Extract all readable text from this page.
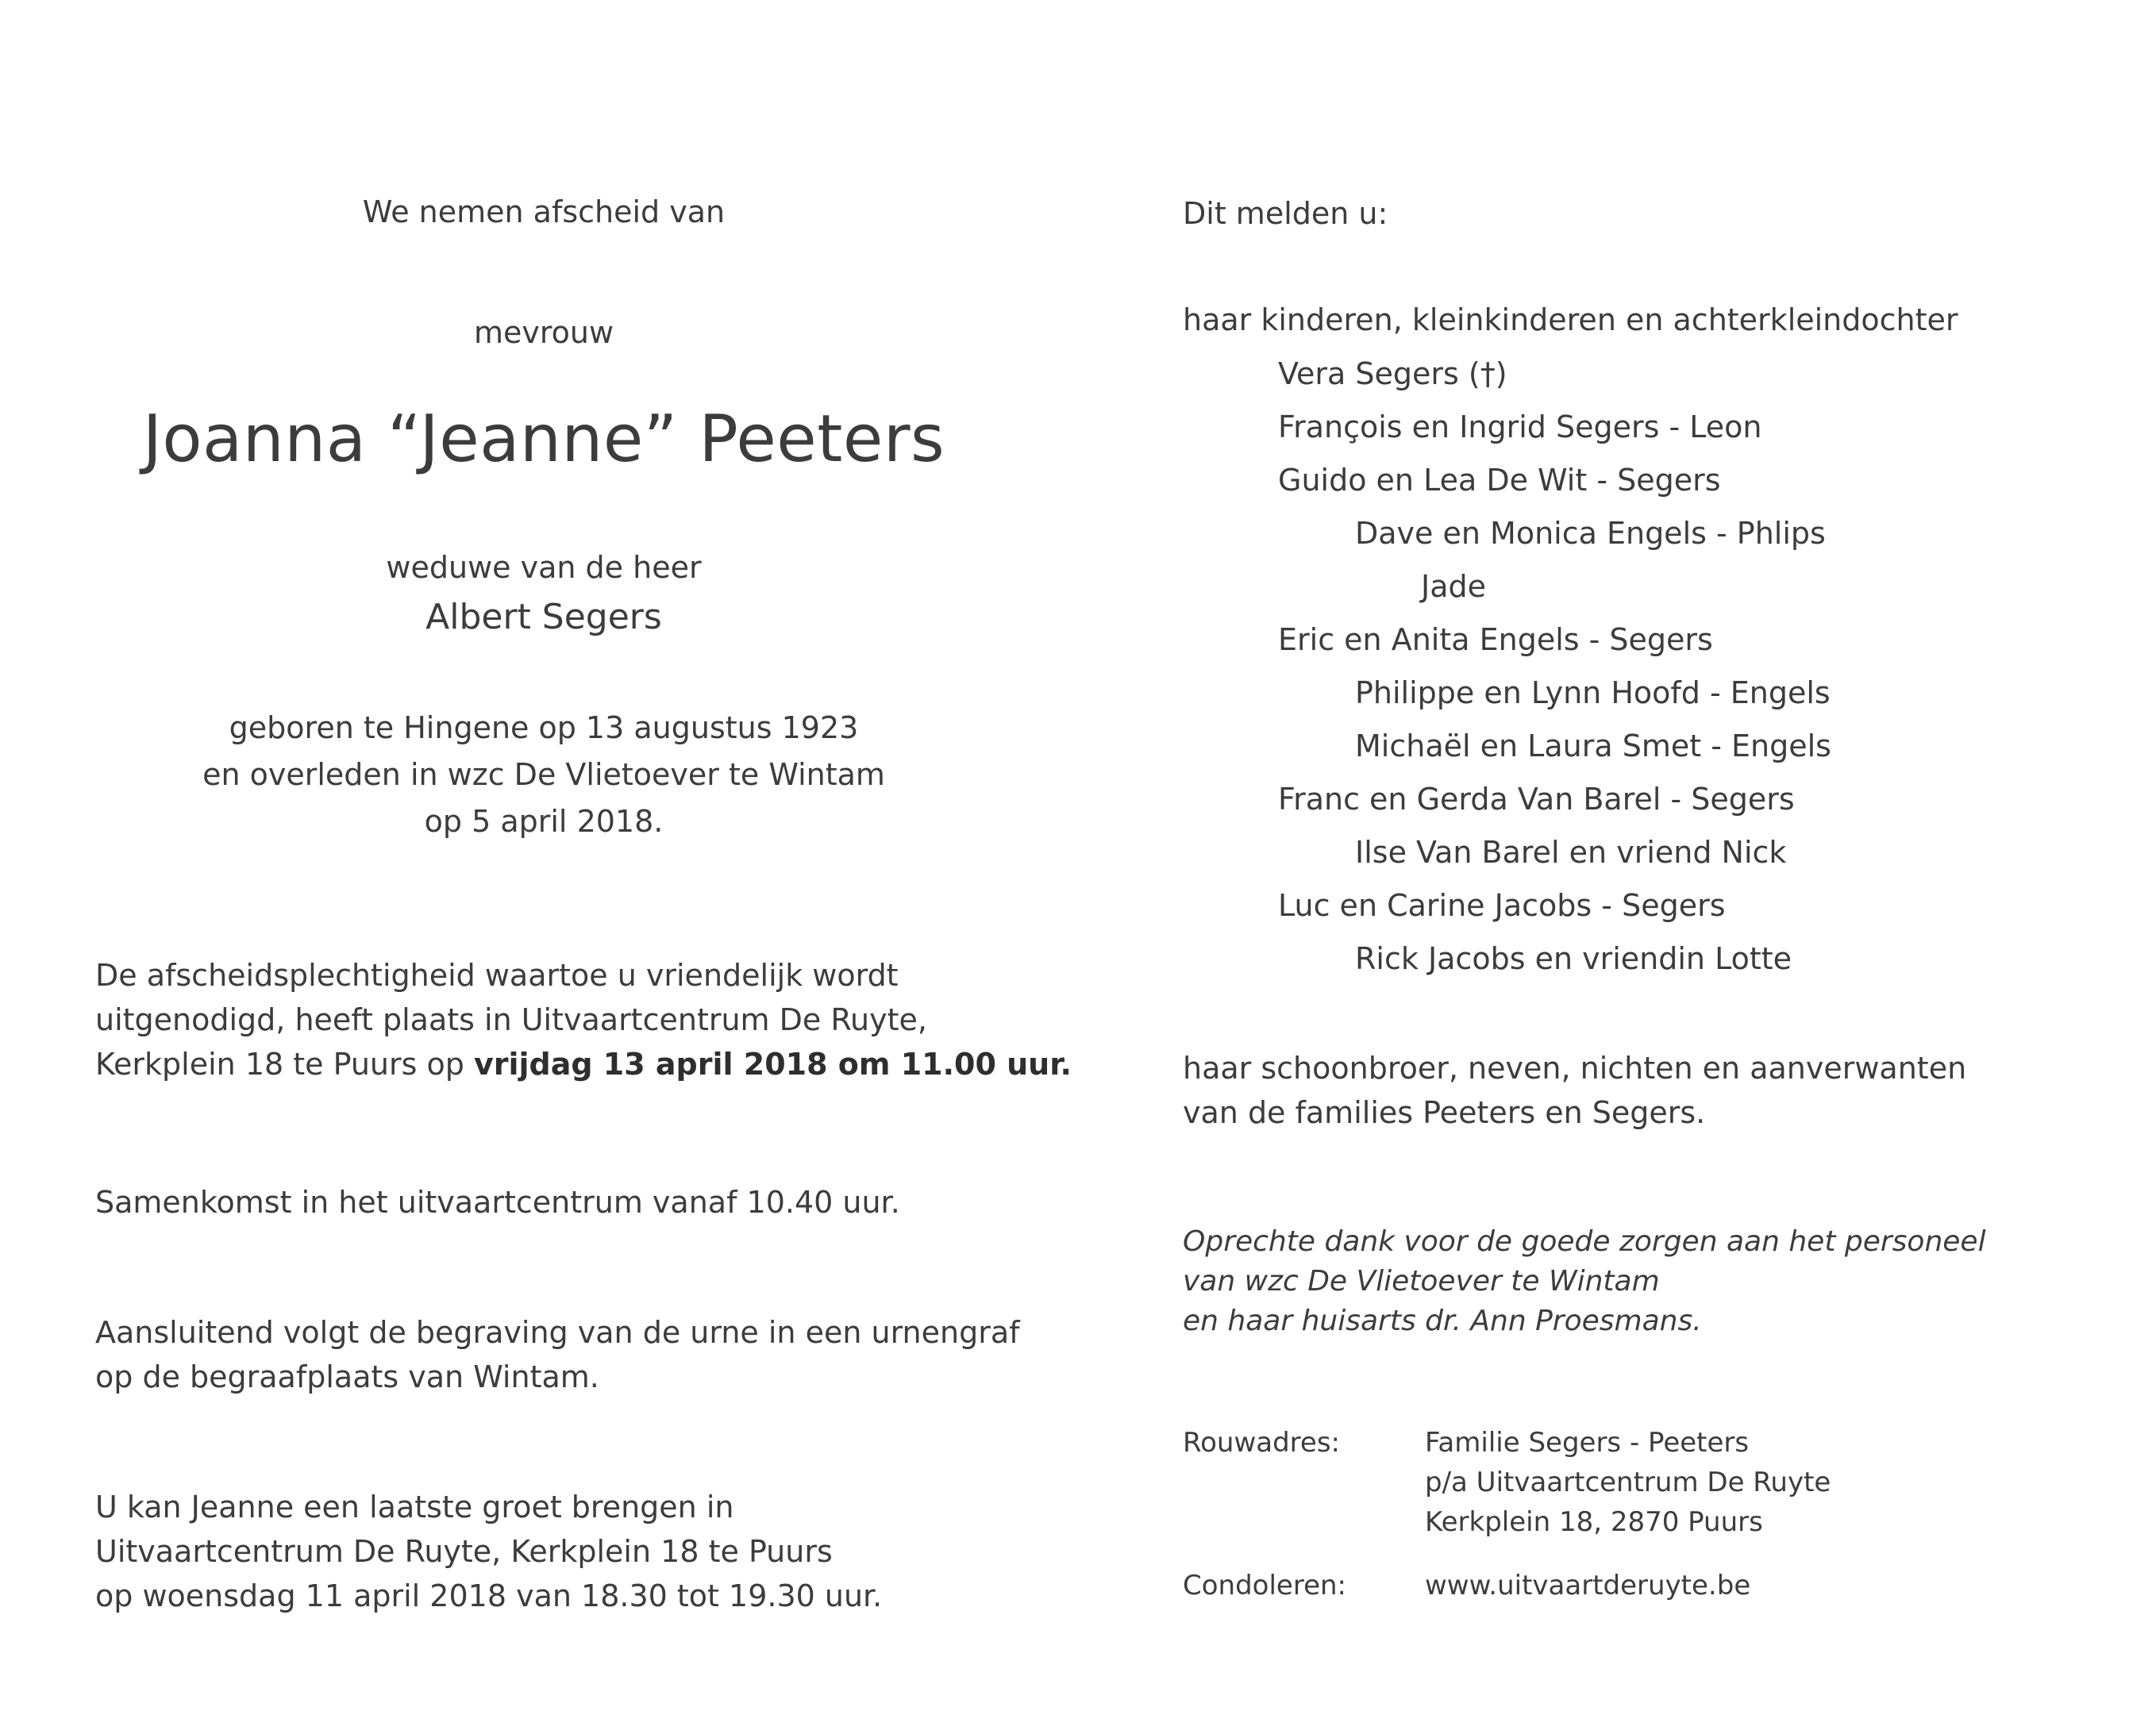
We nemen afscheid van
mevrouw
Joanna “Jeanne” Peeters
weduwe van de heer
Albert Segers
geboren te Hingene op 13 augustus 1923
en overleden in wzc De Vlietoever te Wintam
op 5 april 2018.
De afscheidsplechtigheid waartoe u vriendelijk wordt
uitgenodigd, heeft plaats in Uitvaartcentrum De Ruyte,
Kerkplein 18 te Puurs op vrijdag 13 april 2018 om 11.00 uur.
Samenkomst in het uitvaartcentrum vanaf 10.40 uur.
Aansluitend volgt de begraving van de urne in een urnengraf
op de begraafplaats van Wintam.
U kan Jeanne een laatste groet brengen in
Uitvaartcentrum De Ruyte, Kerkplein 18 te Puurs
op woensdag 11 april 2018 van 18.30 tot 19.30 uur.
Dit melden u:
haar kinderen, kleinkinderen en achterkleindochter
Vera Segers (†)
François en Ingrid Segers - Leon
Guido en Lea De Wit - Segers
Dave en Monica Engels - Phlips
Jade
Eric en Anita Engels - Segers
Philippe en Lynn Hoofd - Engels
Michaël en Laura Smet - Engels
Franc en Gerda Van Barel - Segers
Ilse Van Barel en vriend Nick
Luc en Carine Jacobs - Segers
Rick Jacobs en vriendin Lotte
haar schoonbroer, neven, nichten en aanverwanten
van de families Peeters en Segers.
Oprechte dank voor de goede zorgen aan het personeel
van wzc De Vlietoever te Wintam
en haar huisarts dr. Ann Proesmans.
Rouwadres:	Familie Segers - Peeters
p/a Uitvaartcentrum De Ruyte
Kerkplein 18, 2870 Puurs
Condoleren:	www.uitvaartderuyte.be
